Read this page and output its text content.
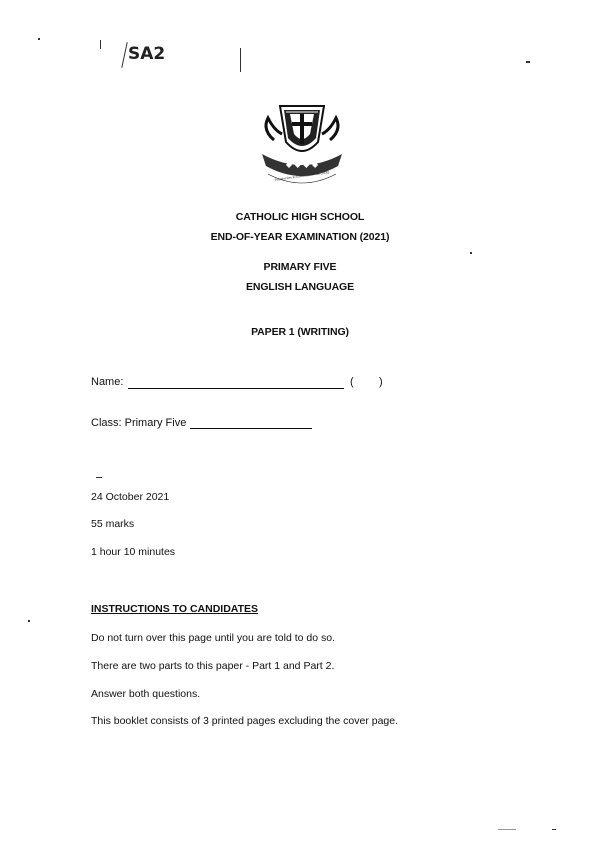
SA2
◆ ◆ ◆ ◆
Founder Rev Fr Edward Becheras (1935)
CATHOLIC HIGH SCHOOL
END-OF-YEAR EXAMINATION (2021)
PRIMARY FIVE
ENGLISH LANGUAGE
PAPER 1 (WRITING)
Name:	( )
Class: Primary Five
24 October 2021
55 marks
1 hour 10 minutes
INSTRUCTIONS TO CANDIDATES
Do not turn over this page until you are told to do so.
There are two parts to this paper - Part 1 and Part 2.
Answer both questions.
This booklet consists of 3 printed pages excluding the cover page.
